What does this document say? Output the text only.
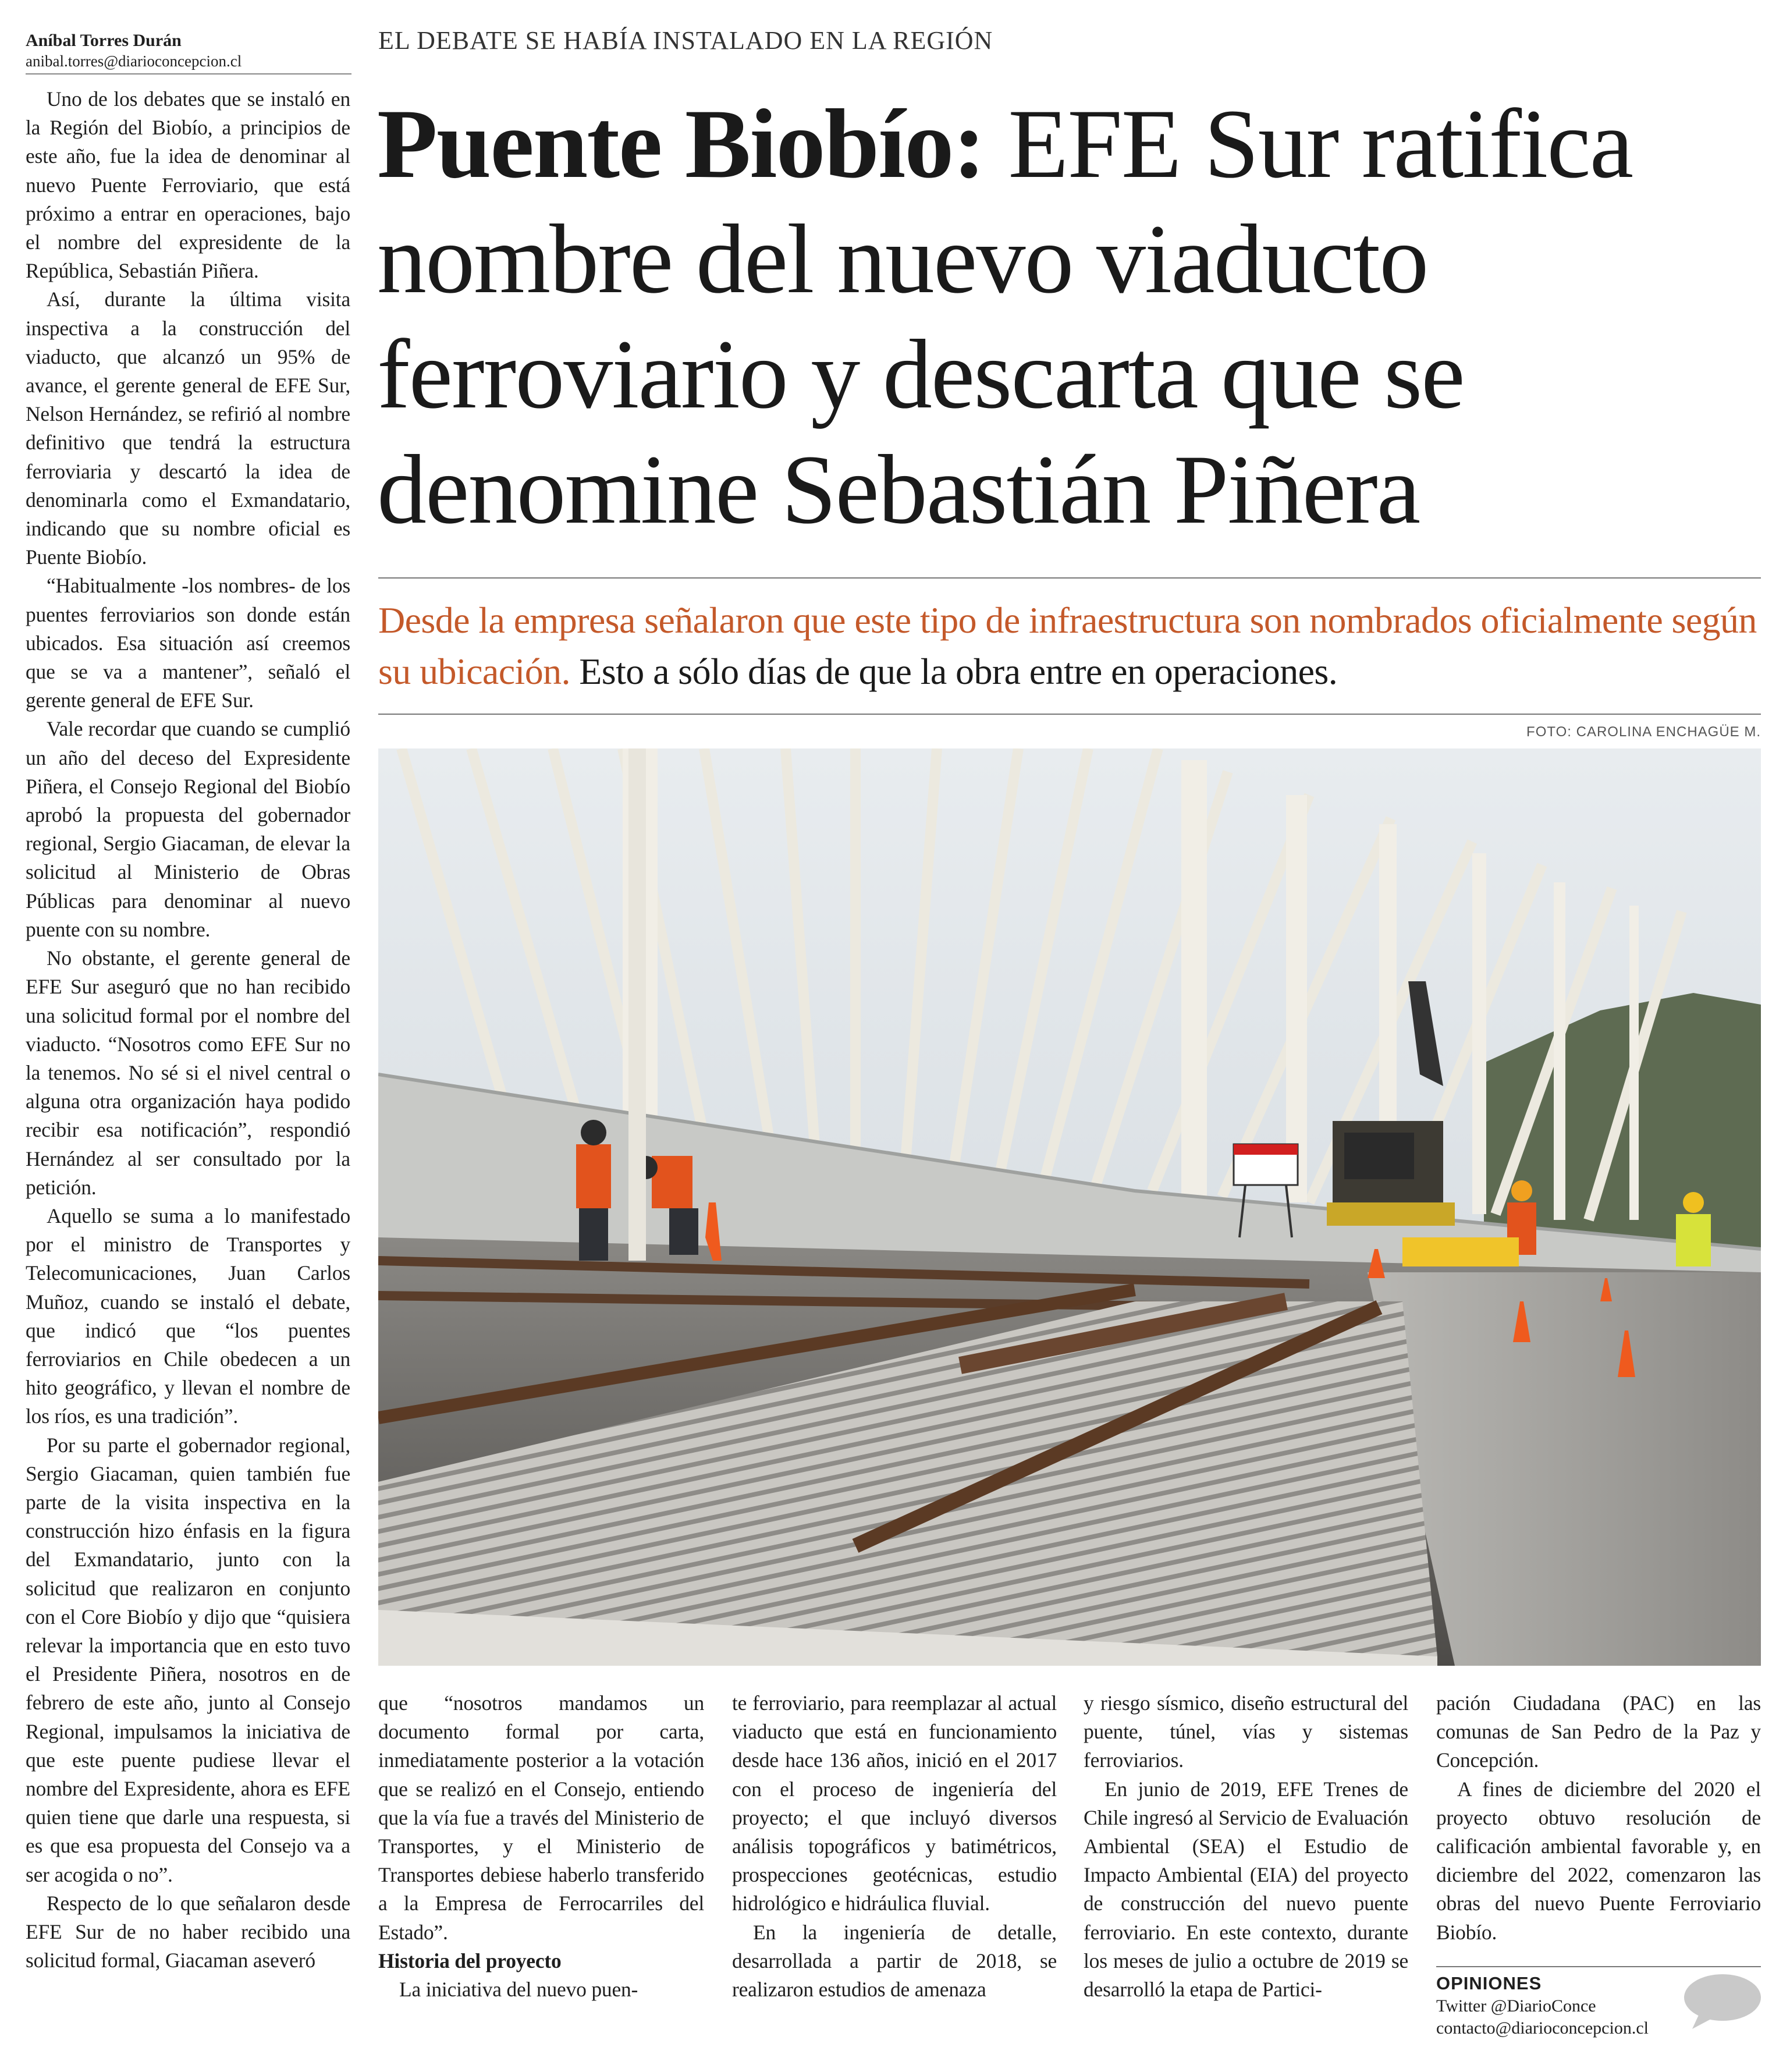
Aníbal Torres Durán
anibal.torres@diarioconcepcion.cl

Uno de los debates que se instaló en la Región del Biobío, a principios de este año, fue la idea de denominar al nuevo Puente Ferroviario, que está próximo a entrar en operaciones, bajo el nombre del expresidente de la República, Sebastián Piñera.

Así, durante la última visita inspectiva a la construcción del viaducto, que alcanzó un 95% de avance, el gerente general de EFE Sur, Nelson Hernández, se refirió al nombre definitivo que tendrá la estructura ferroviaria y descartó la idea de denominarla como el Exmandatario, indicando que su nombre oficial es Puente Biobío.

“Habitualmente -los nombres- de los puentes ferroviarios son donde están ubicados. Esa situación así creemos que se va a mantener”, señaló el gerente general de EFE Sur.

Vale recordar que cuando se cumplió un año del deceso del Expresidente Piñera, el Consejo Regional del Biobío aprobó la propuesta del gobernador regional, Sergio Giacaman, de elevar la solicitud al Ministerio de Obras Públicas para denominar al nuevo puente con su nombre.

No obstante, el gerente general de EFE Sur aseguró que no han recibido una solicitud formal por el nombre del viaducto. “Nosotros como EFE Sur no la tenemos. No sé si el nivel central o alguna otra organización haya podido recibir esa notificación”, respondió Hernández al ser consultado por la petición.

Aquello se suma a lo manifestado por el ministro de Transportes y Telecomunicaciones, Juan Carlos Muñoz, cuando se instaló el debate, que indicó que “los puentes ferroviarios en Chile obedecen a un hito geográfico, y llevan el nombre de los ríos, es una tradición”.

Por su parte el gobernador regional, Sergio Giacaman, quien también fue parte de la visita inspectiva en la construcción hizo énfasis en la figura del Exmandatario, junto con la solicitud que realizaron en conjunto con el Core Biobío y dijo que “quisiera relevar la importancia que en esto tuvo el Presidente Piñera, nosotros en de febrero de este año, junto al Consejo Regional, impulsamos la iniciativa de que este puente pudiese llevar el nombre del Expresidente, ahora es EFE quien tiene que darle una respuesta, si es que esa propuesta del Consejo va a ser acogida o no”.

Respecto de lo que señalaron desde EFE Sur de no haber recibido una solicitud formal, Giacaman aseveró

EL DEBATE SE HABÍA INSTALADO EN LA REGIÓN
Puente Biobío: EFE Sur ratifica
nombre del nuevo viaducto
ferroviario y descarta que se
denomine Sebastián Piñera

Desde la empresa señalaron que este tipo de infraestructura son nombrados oficialmente según su ubicación. Esto a sólo días de que la obra entre en operaciones.

FOTO: CAROLINA ENCHAGÜE M.

que “nosotros mandamos un documento formal por carta, inmediatamente posterior a la votación que se realizó en el Consejo, entiendo que la vía fue a través del Ministerio de Transportes, y el Ministerio de Transportes debiese haberlo transferido a la Empresa de Ferrocarriles del Estado”.

Historia del proyecto

La iniciativa del nuevo puen-

te ferroviario, para reemplazar al actual viaducto que está en funcionamiento desde hace 136 años, inició en el 2017 con el proceso de ingeniería del proyecto; el que incluyó diversos análisis topográficos y batimétricos, prospecciones geotécnicas, estudio hidrológico e hidráulica fluvial.

En la ingeniería de detalle, desarrollada a partir de 2018, se realizaron estudios de amenaza

y riesgo sísmico, diseño estructural del puente, túnel, vías y sistemas ferroviarios.

En junio de 2019, EFE Trenes de Chile ingresó al Servicio de Evaluación Ambiental (SEA) el Estudio de Impacto Ambiental (EIA) del proyecto de construcción del nuevo puente ferroviario. En este contexto, durante los meses de julio a octubre de 2019 se desarrolló la etapa de Partici-

pación Ciudadana (PAC) en las comunas de San Pedro de la Paz y Concepción.

A fines de diciembre del 2020 el proyecto obtuvo resolución de calificación ambiental favorable y, en diciembre del 2022, comenzaron las obras del nuevo Puente Ferroviario Biobío.

OPINIONES
Twitter @DiarioConce
contacto@diarioconcepcion.cl
